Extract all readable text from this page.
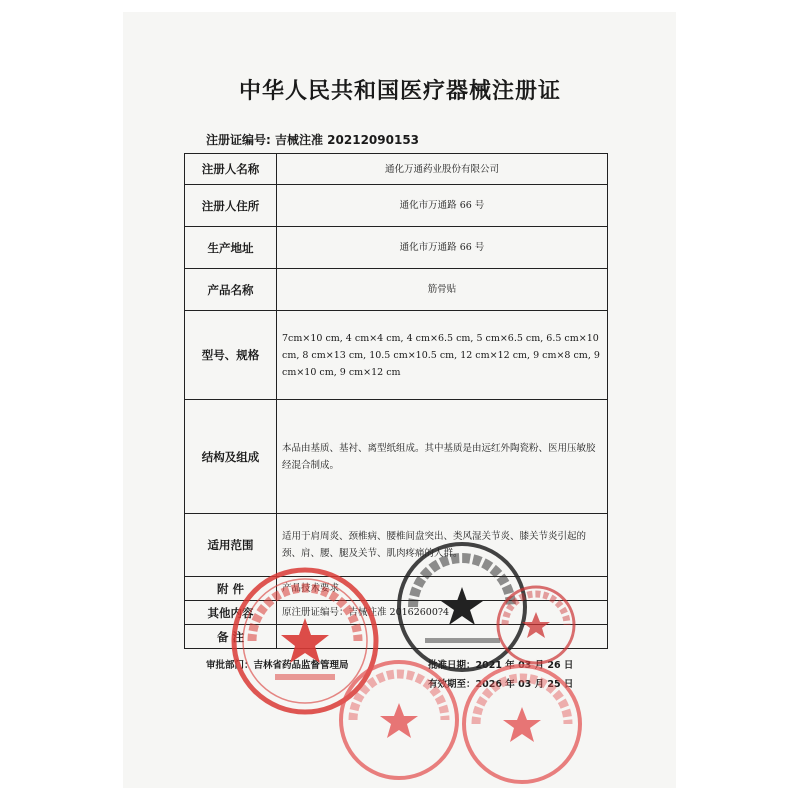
中华人民共和国医疗器械注册证
注册证编号: 吉械注准 20212090153
注册人名称	通化万通药业股份有限公司
注册人住所	通化市万通路 66 号
生产地址	通化市万通路 66 号
产品名称	筋骨贴
型号、规格	7cm×10 cm, 4 cm×4 cm, 4 cm×6.5 cm, 5 cm×6.5 cm, 6.5 cm×10 cm, 8 cm×13 cm, 10.5 cm×10.5 cm, 12 cm×12 cm, 9 cm×8 cm, 9 cm×10 cm, 9 cm×12 cm
结构及组成	本品由基质、基衬、离型纸组成。其中基质是由远红外陶瓷粉、医用压敏胶经混合制成。
适用范围	适用于肩周炎、颈椎病、腰椎间盘突出、类风湿关节炎、膝关节炎引起的颈、肩、腰、腿及关节、肌肉疼痛的人群。
附 件	产品技术要求
其他内容	原注册证编号：吉械注准 20162600?4
备 注	
审批部门：吉林省药品监督管理局	批准日期：2021 年 03 月 26 日
有效期至：2026 年 03 月 25 日
